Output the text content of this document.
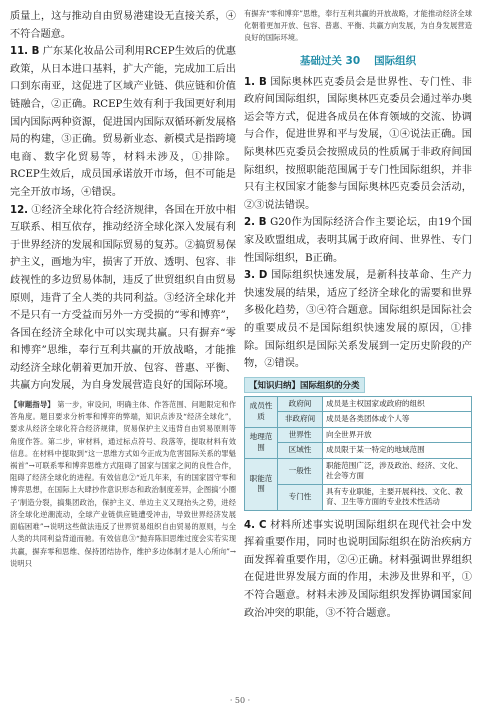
质量上，这与推动自由贸易港建设无直接关系，④不符合题意。

11. B 广东某化妆品公司利用RCEP生效后的优惠政策，从日本进口基料，扩大产能，完成加工后出口到东南亚，这促进了区域产业链、供应链和价值链融合，②正确。RCEP生效有利于我国更好利用国内国际两种资源，促进国内国际双循环新发展格局的构建，③正确。贸易新业态、新模式是指跨境电商、数字化贸易等，材料未涉及，①排除。RCEP生效后，成员国承诺放开市场，但不可能是完全开放市场，④错误。

12. ①经济全球化符合经济规律，各国在开放中相互联系、相互依存，推动经济全球化深入发展有利于世界经济的发展和国际贸易的复苏。②搞贸易保护主义，画地为牢，损害了开放、透明、包容、非歧视性的多边贸易体制，违反了世贸组织自由贸易原则，违背了全人类的共同利益。③经济全球化并不是只有一方受益而另外一方受损的“零和博弈”，各国在经济全球化中可以实现共赢。只有摒弃“零和博弈”思维，奉行互利共赢的开放战略，才能推动经济全球化朝着更加开放、包容、普惠、平衡、共赢方向发展，为自身发展营造良好的国际环境。

【审题指导】 第一步，审设问，明确主体、作答范围、问题限定和作答角度。题目要求分析零和博弈的弊端，知识点涉及“经济全球化”，要求从经济全球化符合经济规律，贸易保护主义违背自由贸易原则等角度作答。第二步，审材料，通过标点符号、段落等，提取材料有效信息。在材料中提取到“这一思维方式如今正成为危害国际关系的罪魁祸首”→可联系零和博弈思维方式阻碍了国家与国家之间的良性合作，阻碍了经济全球化的进程。有效信息②“近几年来，有的国家固守零和博弈思想，在国际上大肆抄作意识形态和政治制度差异，企图搞‘小圈子’制造分裂，搞集团政治，保护主义、单边主义又现抬头之势，进经济全球化逆潮流动，全球产业链供应链遭受冲击，导致世界经济发展面临困难”→说明这些做法违反了世界贸易组织自由贸易的原则，与全人类的共同利益背道而驰。有效信息③“抛弃陈旧思维过度会实若实现共赢，摒弃零和思维、保持团结协作，维护多边体制才是人心所向”→说明只

有摒弃“零和博弈”思维，奉行互利共赢的开放战略，才能推动经济全球化朝着更加开放、包容、普惠、平衡、共赢方向发展，为自身发展营造良好的国际环境。

基础过关 30 国际组织

1. B 国际奥林匹克委员会是世界性、专门性、非政府间国际组织，国际奥林匹克委员会通过举办奥运会等方式，促进各成员在体育领域的交流、协调与合作，促进世界和平与发展，①④说法正确。国际奥林匹克委员会按照成员的性质属于非政府间国际组织，按照职能范围属于专门性国际组织，并非只有主权国家才能参与国际奥林匹克委员会活动，②③说法错误。

2. B G20作为国际经济合作主要论坛，由19个国家及欧盟组成，表明其属于政府间、世界性、专门性国际组织，B正确。

3. D 国际组织快速发展，是新科技革命、生产力快速发展的结果，适应了经济全球化的需要和世界多极化趋势，③④符合题意。国际组织是国际社会的重要成员不是国际组织快速发展的原因，①排除。国际组织是国际关系发展到一定历史阶段的产物，②错误。

【知识归纳】国际组织的分类
成员性质	政府间	成员是主权国家或政府的组织
	非政府间	成员是各类团体或个人等
地理范围	世界性	向全世界开放
	区域性	成员限于某一特定的地域范围
职能范围	一般性	职能范围广泛，涉及政治、经济、文化、社会等方面
	专门性	具有专业职能，主要开展科技、文化、教育、卫生等方面的专业技术性活动

4. C 材料所述事实说明国际组织在现代社会中发挥着重要作用，同时也说明国际组织在防治疾病方面发挥着重要作用，②④正确。材料强调世界组织在促进世界发展方面的作用，未涉及世界和平，①不符合题意。材料未涉及国际组织发挥协调国家间政治冲突的职能，③不符合题意。

· 50 ·
